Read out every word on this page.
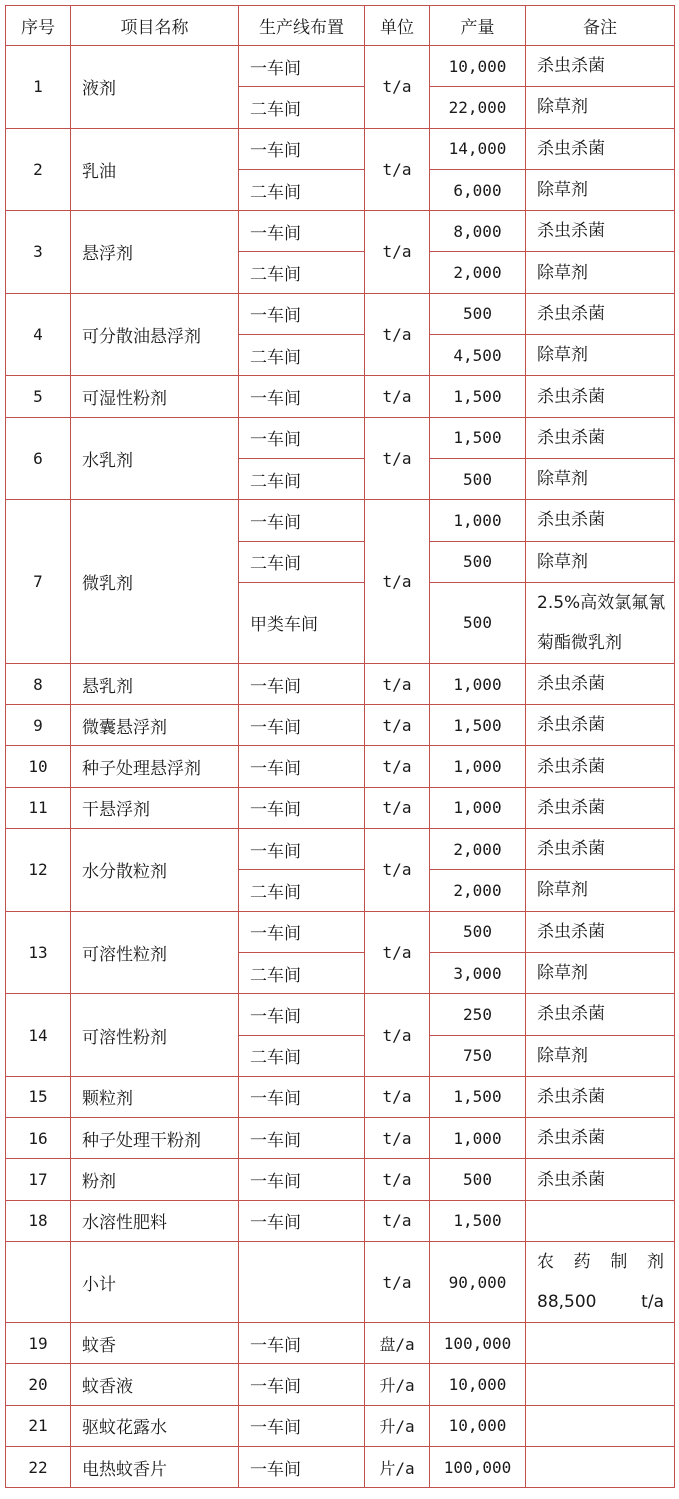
序号	项目名称	生产线布置	单位	产量	备注
1	液剂	一车间	t/a	10,000	杀虫杀菌
		二车间		22,000	除草剂
2	乳油	一车间	t/a	14,000	杀虫杀菌
		二车间		6,000	除草剂
3	悬浮剂	一车间	t/a	8,000	杀虫杀菌
		二车间		2,000	除草剂
4	可分散油悬浮剂	一车间	t/a	500	杀虫杀菌
		二车间		4,500	除草剂
5	可湿性粉剂	一车间	t/a	1,500	杀虫杀菌
6	水乳剂	一车间	t/a	1,500	杀虫杀菌
		二车间		500	除草剂
7	微乳剂	一车间	t/a	1,000	杀虫杀菌
		二车间		500	除草剂
		甲类车间		500	2.5%高效氯氟氰菊酯微乳剂
8	悬乳剂	一车间	t/a	1,000	杀虫杀菌
9	微囊悬浮剂	一车间	t/a	1,500	杀虫杀菌
10	种子处理悬浮剂	一车间	t/a	1,000	杀虫杀菌
11	干悬浮剂	一车间	t/a	1,000	杀虫杀菌
12	水分散粒剂	一车间	t/a	2,000	杀虫杀菌
		二车间		2,000	除草剂
13	可溶性粒剂	一车间	t/a	500	杀虫杀菌
		二车间		3,000	除草剂
14	可溶性粉剂	一车间	t/a	250	杀虫杀菌
		二车间		750	除草剂
15	颗粒剂	一车间	t/a	1,500	杀虫杀菌
16	种子处理干粉剂	一车间	t/a	1,000	杀虫杀菌
17	粉剂	一车间	t/a	500	杀虫杀菌
18	水溶性肥料	一车间	t/a	1,500	
	小计		t/a	90,000	农药制剂88,500 t/a
19	蚊香	一车间	盘/a	100,000	
20	蚊香液	一车间	升/a	10,000	
21	驱蚊花露水	一车间	升/a	10,000	
22	电热蚊香片	一车间	片/a	100,000	
